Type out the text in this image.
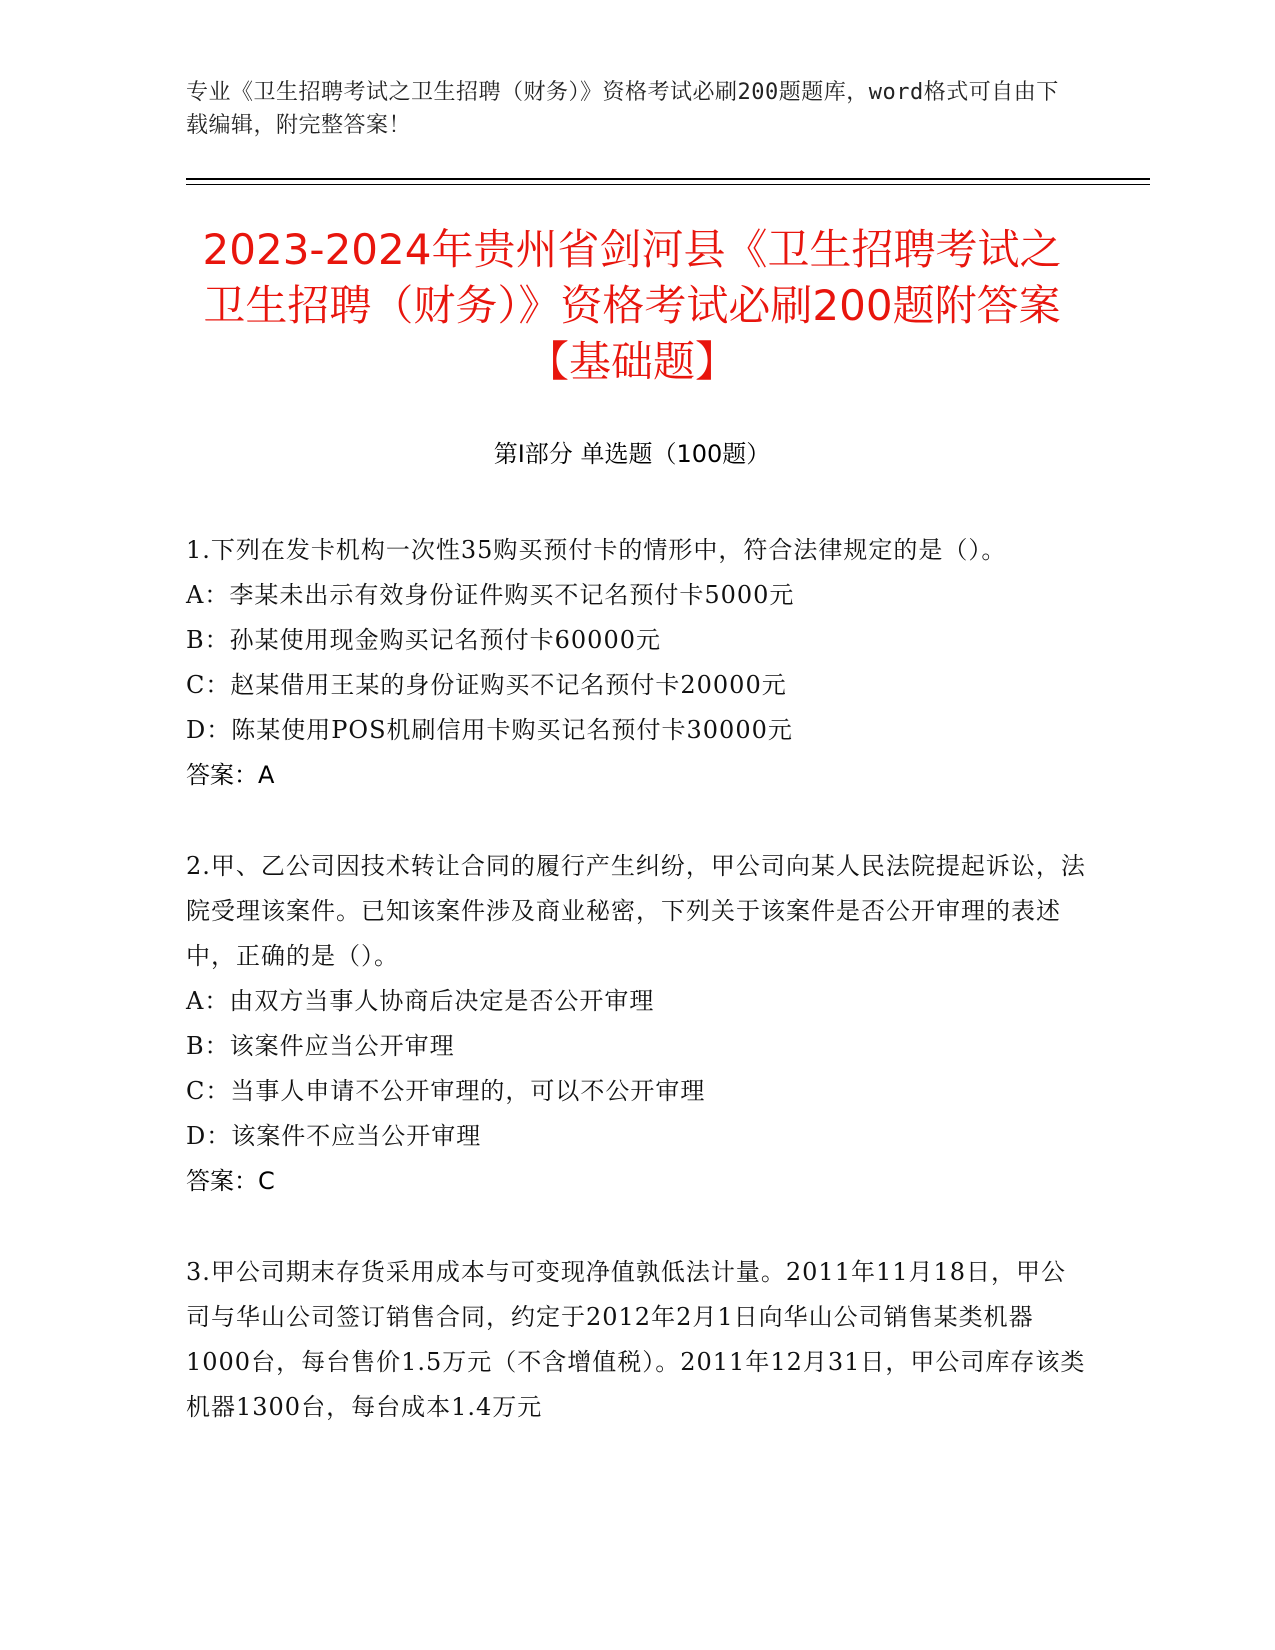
专业《卫生招聘考试之卫生招聘（财务）》资格考试必刷200题题库，word格式可自由下载编辑，附完整答案！
2023-2024年贵州省剑河县《卫生招聘考试之卫生招聘（财务）》资格考试必刷200题附答案【基础题】
第I部分 单选题（100题）
1.下列在发卡机构一次性35购买预付卡的情形中，符合法律规定的是（）。
A：李某未出示有效身份证件购买不记名预付卡5000元
B：孙某使用现金购买记名预付卡60000元
C：赵某借用王某的身份证购买不记名预付卡20000元
D：陈某使用POS机刷信用卡购买记名预付卡30000元
答案：A
2.甲、乙公司因技术转让合同的履行产生纠纷，甲公司向某人民法院提起诉讼，法院受理该案件。已知该案件涉及商业秘密，下列关于该案件是否公开审理的表述中，正确的是（）。
A：由双方当事人协商后决定是否公开审理
B：该案件应当公开审理
C：当事人申请不公开审理的，可以不公开审理
D：该案件不应当公开审理
答案：C
3.甲公司期末存货采用成本与可变现净值孰低法计量。2011年11月18日，甲公司与华山公司签订销售合同，约定于2012年2月1日向华山公司销售某类机器1000台，每台售价1.5万元（不含增值税）。2011年12月31日，甲公司库存该类机器1300台，每台成本1.4万元
